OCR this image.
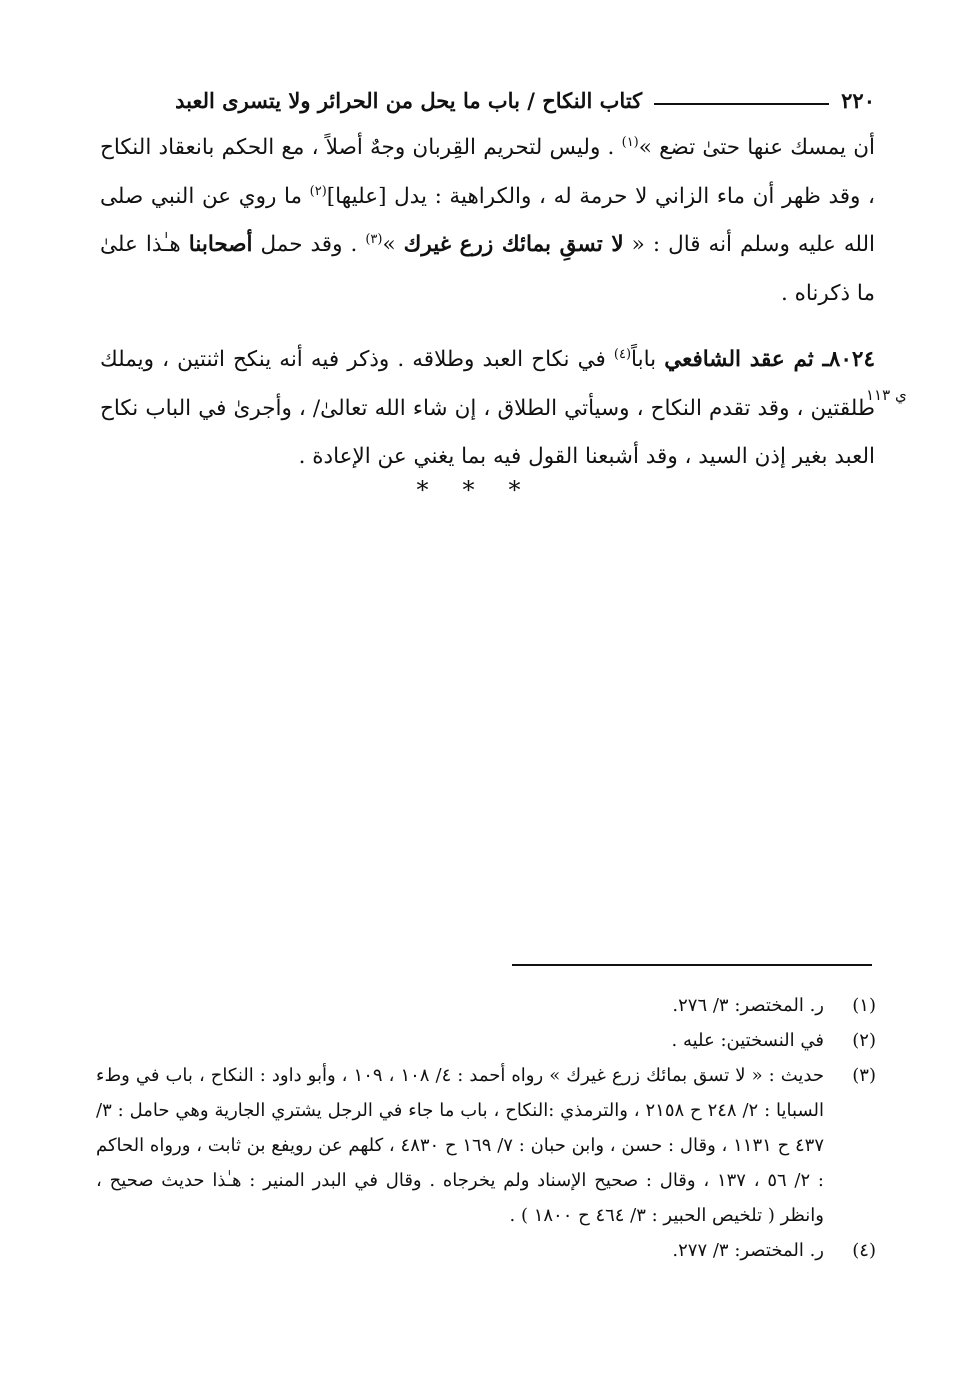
٢٢٠
كتاب النكاح / باب ما يحل من الحرائر ولا يتسرى العبد

أن يمسك عنها حتىٰ تضع »$^{(١)}$ . وليس لتحريم القِربان وجهٌ أصلاً ، مع الحكم بانعقاد النكاح ، وقد ظهر أن ماء الزاني لا حرمة له ، والكراهية : يدل [عليها]$^{(٢)}$ ما روي عن النبي صلى الله عليه وسلم أنه قال : « لا تسقِ بمائك زرع غيرك »$^{(٣)}$ . وقد حمل أصحابنا هـٰذا علىٰ ما ذكرناه .

٨٠٢٤ـ ثم عقد الشافعي باباً$^{(٤)}$ في نكاح العبد وطلاقه . وذكر فيه أنه ينكح اثنتين ، ويملك طلقتين ، وقد تقدم النكاح ، وسيأتي الطلاق ، إن شاء الله تعالىٰ/ ، وأجرىٰ في الباب نكاح العبد بغير إذن السيد ، وقد أشبعنا القول فيه بما يغني عن الإعادة .

ي ١١٣
* * *
(١)
ر. المختصر: ٣/ ٢٧٦.
(٢)
في النسختين: عليه .
(٣)
حديث : « لا تسق بمائك زرع غيرك » رواه أحمد : ٤/ ١٠٨ ، ١٠٩ ، وأبو داود : النكاح ، باب في وطء السبايا : ٢/ ٢٤٨ ح ٢١٥٨ ، والترمذي :النكاح ، باب ما جاء في الرجل يشتري الجارية وهي حامل : ٣/ ٤٣٧ ح ١١٣١ ، وقال : حسن ، وابن حبان : ٧/ ١٦٩ ح ٤٨٣٠ ، كلهم عن رويفع بن ثابت ، ورواه الحاكم : ٢/ ٥٦ ، ١٣٧ ، وقال : صحيح الإسناد ولم يخرجاه . وقال في البدر المنير : هـٰذا حديث صحيح ، وانظر ( تلخيص الحبير : ٣/ ٤٦٤ ح ١٨٠٠ ) .
(٤)
ر. المختصر: ٣/ ٢٧٧.
